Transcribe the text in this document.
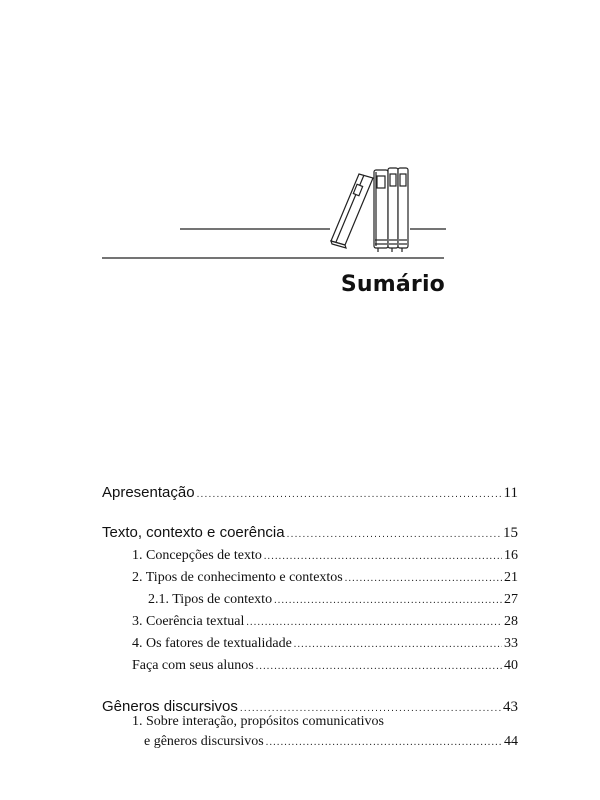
Sumário
Apresentação .....	11
Texto, contexto e coerência .....	15
1. Concepções de texto .....	16
2. Tipos de conhecimento e contextos .....	21
2.1. Tipos de contexto .....	27
3. Coerência textual .....	28
4. Os fatores de textualidade .....	33
Faça com seus alunos .....	40
Gêneros discursivos .....	43
1. Sobre interação, propósitos comunicativos
e gêneros discursivos .....	44
